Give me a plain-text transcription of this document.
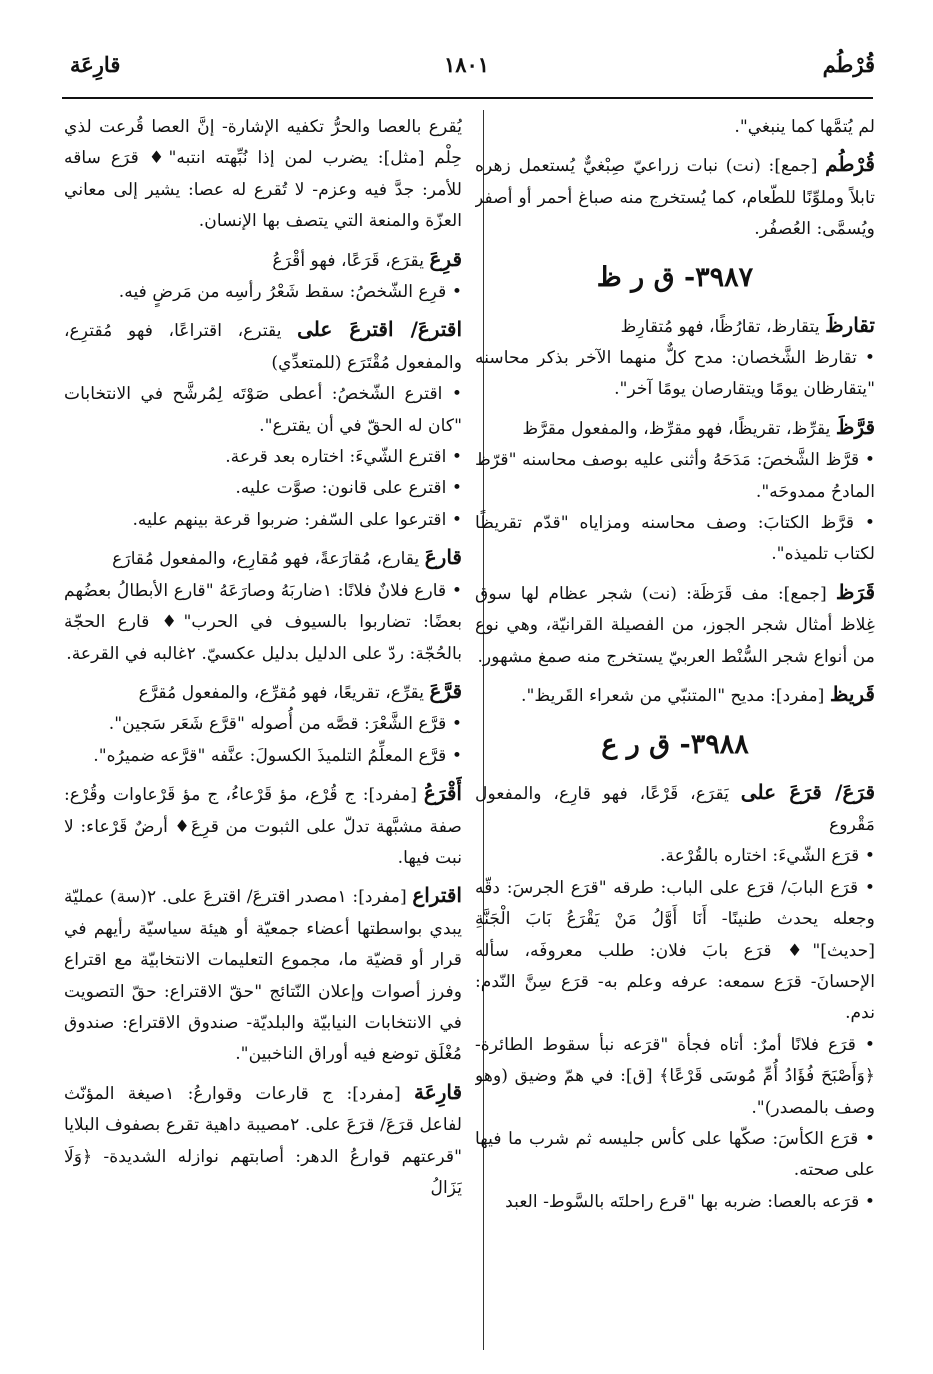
قُرْطُم
١٨٠١
قارِعَة

لم يُتمَّها كما ينبغي".

قُرْطُم [جمع]: (نت) نبات زراعيّ صِبْغيٌّ يُستعمل زهره تابلاً وملوِّنًا للطّعام، كما يُستخرج منه صباغ أحمر أو أصفر ويُسمَّى: العُصفُر.

٣٩٨٧- ق ر ظ

تقارظَ يتقارظ، تقارُظًا، فهو مُتقارِظ

• تقارظ الشَّخصان: مدح كلٌّ منهما الآخر بذكر محاسنه "يتقارظان يومًا ويتقارصان يومًا آخر".

قرَّظَ يقرِّظ، تقريظًا، فهو مقرِّظ، والمفعول مقرَّظ

• قرَّظ الشَّخصَ: مَدَحَهُ وأثنى عليه بوصف محاسنه "قرّظ المادحُ ممدوحَه".

• قرَّظ الكتابَ: وصف محاسنه ومزاياه "قدّم تقريظًا لكتاب تلميذه".

قَرَظ [جمع]: مف قَرَظَة: (نت) شجر عظام لها سوق غِلاظ أمثال شجر الجوز، من الفصيلة القرانيّة، وهي نوع من أنواع شجر السُّنْط العربيّ يستخرج منه صمغ مشهور.

قَريظ [مفرد]: مديح "المتنبّي من شعراء القَريظ".

٣٩٨٨- ق ر ع

قرَعَ/ قرَعَ على يَقرَع، قَرْعًا، فهو قارِع، والمفعول مَقْروع

• قرَع الشّيءَ: اختاره بالقُرْعة.

• قرَع البابَ/ قرَع على الباب: طرقه "قرَع الجرسَ: دقّه وجعله يحدث طنينًا- أَنَا أَوَّلُ مَنْ يَقْرَعُ بَابَ الْجَنَّةِ [حديث]"♦ قرَع بابَ فلان: طلب معروفَه، سأله الإحسانَ- قرَع سمعه: عرفه وعلم به- قرَع سِنَّ النّدم: ندم.

• قرَع فلانًا أمرٌ: أتاه فجأة "قرَعه نبأ سقوط الطائرة- ﴿وَأَصْبَحَ فُؤَادُ أُمِّ مُوسَى قَرْعًا﴾ [ق]: في همّ وضيق (وهو وصف بالمصدر)".

• قرَع الكأسَ: صكّها على كأس جليسه ثم شرب ما فيها على صحته.

• قرَعه بالعصا: ضربه بها "قرع راحلتَه بالسَّوط- العبد

يُقرع بالعصا والحرُّ تكفيه الإشارة- إنَّ العصا قُرعت لذي حِلْم [مثل]: يضرب لمن إذا نُبِّهته انتبه"♦ قرَع ساقه للأمر: جدَّ فيه وعزم- لا تُقرع له عصا: يشير إلى معاني العزّة والمنعة التي يتصف بها الإنسان.

قرِعَ يقرَع، قَرَعًا، فهو أقْرَعُ

• قرِع الشّخصُ: سقط شَعْرُ رأسِه من مَرضٍ فيه.

اقترعَ/ اقترعَ على يقترع، اقتراعًا، فهو مُقترِع، والمفعول مُقْتَرَع (للمتعدِّي)

• اقترع الشّخصُ: أعطى صَوْتَه لِمُرشَّح في الانتخابات "كان له الحقّ في أن يقترع".

• اقترع الشّيءَ: اختاره بعد قرعة.

• اقترع على قانون: صوَّت عليه.

• اقترعوا على السّفر: ضربوا قرعة بينهم عليه.

قارعَ يقارع، مُقارَعةً، فهو مُقارِع، والمفعول مُقارَع

• قارع فلانٌ فلانًا: ١ضاربَهُ وصارَعَهُ "قارع الأبطالُ بعضُهم بعضًا: تضاربوا بالسيوف في الحرب"♦ قارع الحجّة بالحُجّة: ردّ على الدليل بدليل عكسيّ. ٢غالبه في القرعة.

قرَّعَ يقرِّع، تقريعًا، فهو مُقرِّع، والمفعول مُقرَّع

• قرَّع الشَّعْرَ: قصَّه من أُصوله "قرَّع شَعَر سَجين".

• قرَّع المعلِّمُ التلميذَ الكسولَ: عنَّفه "قرَّعه ضميرُه".

أَقْرَعُ [مفرد]: ج قُرْع، مؤ قَرْعاءُ، ج مؤ قَرْعاوات وقُرْع: صفة مشبَّهة تدلّ على الثبوت من قرِعَ♦ أرضٌ قَرْعاء: لا نبت فيها.

اقتراع [مفرد]: ١مصدر اقترعَ/ اقترعَ على. ٢(سة) عمليّة يبدي بواسطتها أعضاء جمعيّة أو هيئة سياسيّة رأيهم في قرار أو قضيّة ما، مجموع التعليمات الانتخابيّة مع اقتراع وفرز أصوات وإعلان النّتائج "حقّ الاقتراع: حقّ التصويت في الانتخابات النيابيّة والبلديّة- صندوق الاقتراع: صندوق مُغْلَق توضع فيه أوراق الناخبين".

قارِعَة [مفرد]: ج قارعات وقوارعُ: ١صيغة المؤنّث لفاعل قرَعَ/ قرَعَ على. ٢مصيبة داهية تقرع بصفوف البلايا "قرعتهم قوارعُ الدهر: أصابتهم نوازله الشديدة- ﴿وَلَا يَزَالُ
